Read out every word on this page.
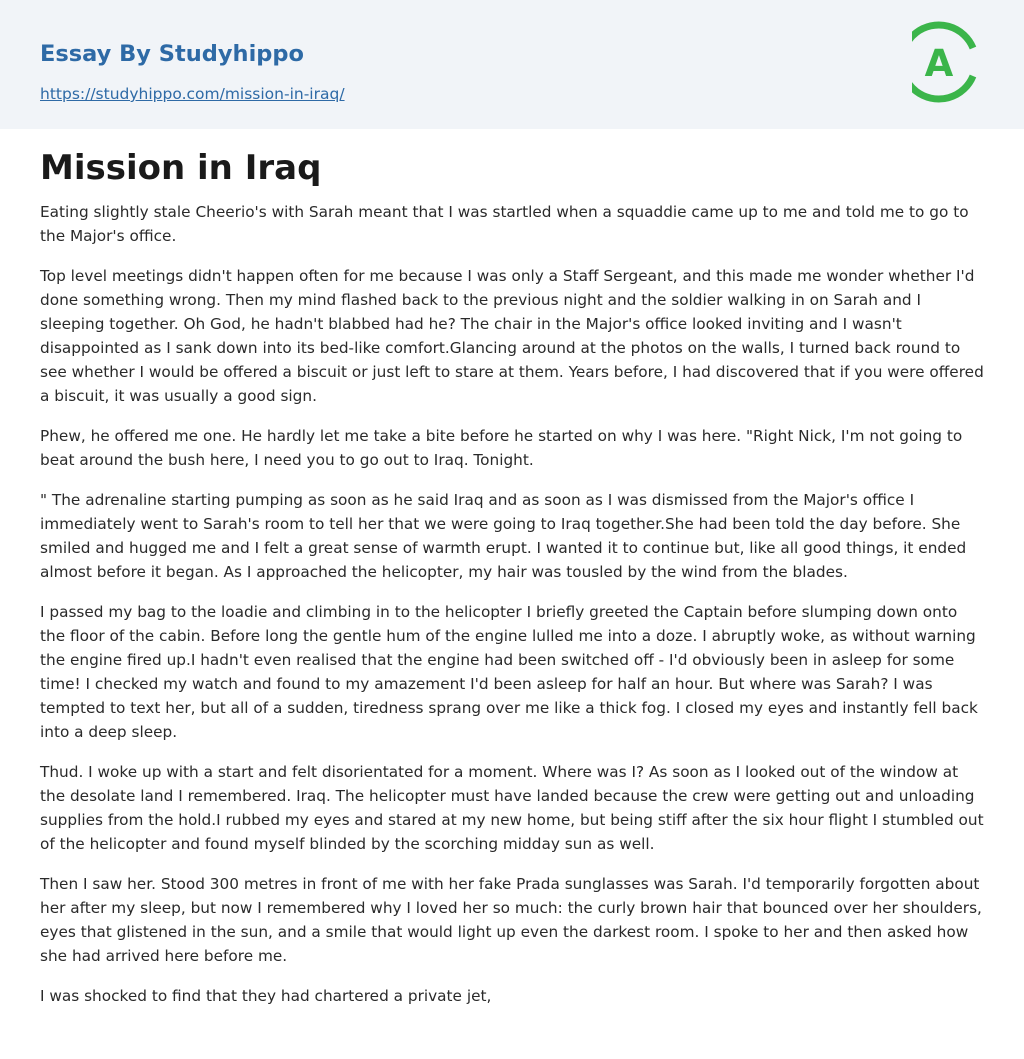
Essay By Studyhippo
https://studyhippo.com/mission-in-iraq/
A
Mission in Iraq

Eating slightly stale Cheerio's with Sarah meant that I was startled when a squaddie came up to me and told me to go to the Major's office.

Top level meetings didn't happen often for me because I was only a Staff Sergeant, and this made me wonder whether I'd done something wrong. Then my mind flashed back to the previous night and the soldier walking in on Sarah and I sleeping together. Oh God, he hadn't blabbed had he? The chair in the Major's office looked inviting and I wasn't disappointed as I sank down into its bed-like comfort.Glancing around at the photos on the walls, I turned back round to see whether I would be offered a biscuit or just left to stare at them. Years before, I had discovered that if you were offered a biscuit, it was usually a good sign.

Phew, he offered me one. He hardly let me take a bite before he started on why I was here. "Right Nick, I'm not going to beat around the bush here, I need you to go out to Iraq. Tonight.

" The adrenaline starting pumping as soon as he said Iraq and as soon as I was dismissed from the Major's office I immediately went to Sarah's room to tell her that we were going to Iraq together.She had been told the day before. She smiled and hugged me and I felt a great sense of warmth erupt. I wanted it to continue but, like all good things, it ended almost before it began. As I approached the helicopter, my hair was tousled by the wind from the blades.

I passed my bag to the loadie and climbing in to the helicopter I briefly greeted the Captain before slumping down onto the floor of the cabin. Before long the gentle hum of the engine lulled me into a doze. I abruptly woke, as without warning the engine fired up.I hadn't even realised that the engine had been switched off - I'd obviously been in asleep for some time! I checked my watch and found to my amazement I'd been asleep for half an hour. But where was Sarah? I was tempted to text her, but all of a sudden, tiredness sprang over me like a thick fog. I closed my eyes and instantly fell back into a deep sleep.

Thud. I woke up with a start and felt disorientated for a moment. Where was I? As soon as I looked out of the window at the desolate land I remembered. Iraq. The helicopter must have landed because the crew were getting out and unloading supplies from the hold.I rubbed my eyes and stared at my new home, but being stiff after the six hour flight I stumbled out of the helicopter and found myself blinded by the scorching midday sun as well.

Then I saw her. Stood 300 metres in front of me with her fake Prada sunglasses was Sarah. I'd temporarily forgotten about her after my sleep, but now I remembered why I loved her so much: the curly brown hair that bounced over her shoulders, eyes that glistened in the sun, and a smile that would light up even the darkest room. I spoke to her and then asked how she had arrived here before me.

I was shocked to find that they had chartered a private jet,
